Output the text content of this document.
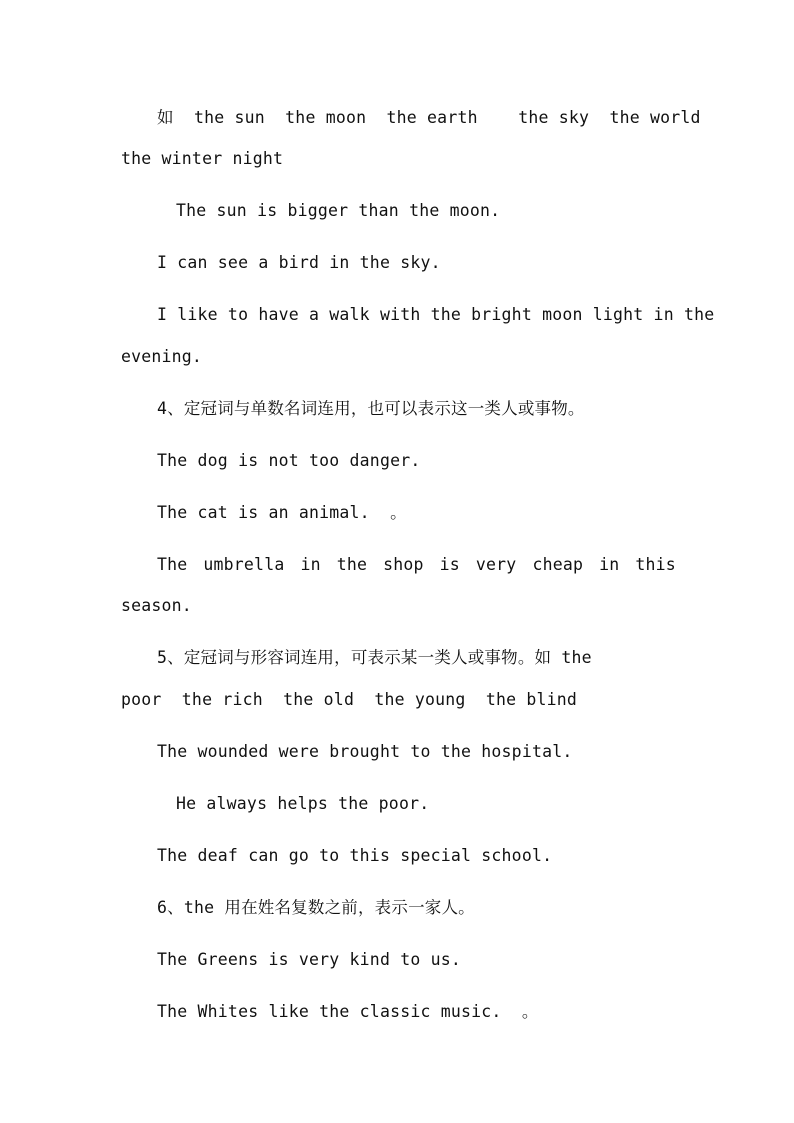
如  the sun  the moon  the earth    the sky  the world
the winter night
The sun is bigger than the moon.
I can see a bird in the sky.
I like to have a walk with the bright moon light in the
evening.
4、定冠词与单数名词连用，也可以表示这一类人或事物。
The dog is not too danger.
The cat is an animal.  。
The umbrella in the shop is very cheap in this
season.
5、定冠词与形容词连用，可表示某一类人或事物。如 the
poor  the rich  the old  the young  the blind
The wounded were brought to the hospital.
He always helps the poor.
The deaf can go to this special school.
6、the 用在姓名复数之前，表示一家人。
The Greens is very kind to us.
The Whites like the classic music.  。
